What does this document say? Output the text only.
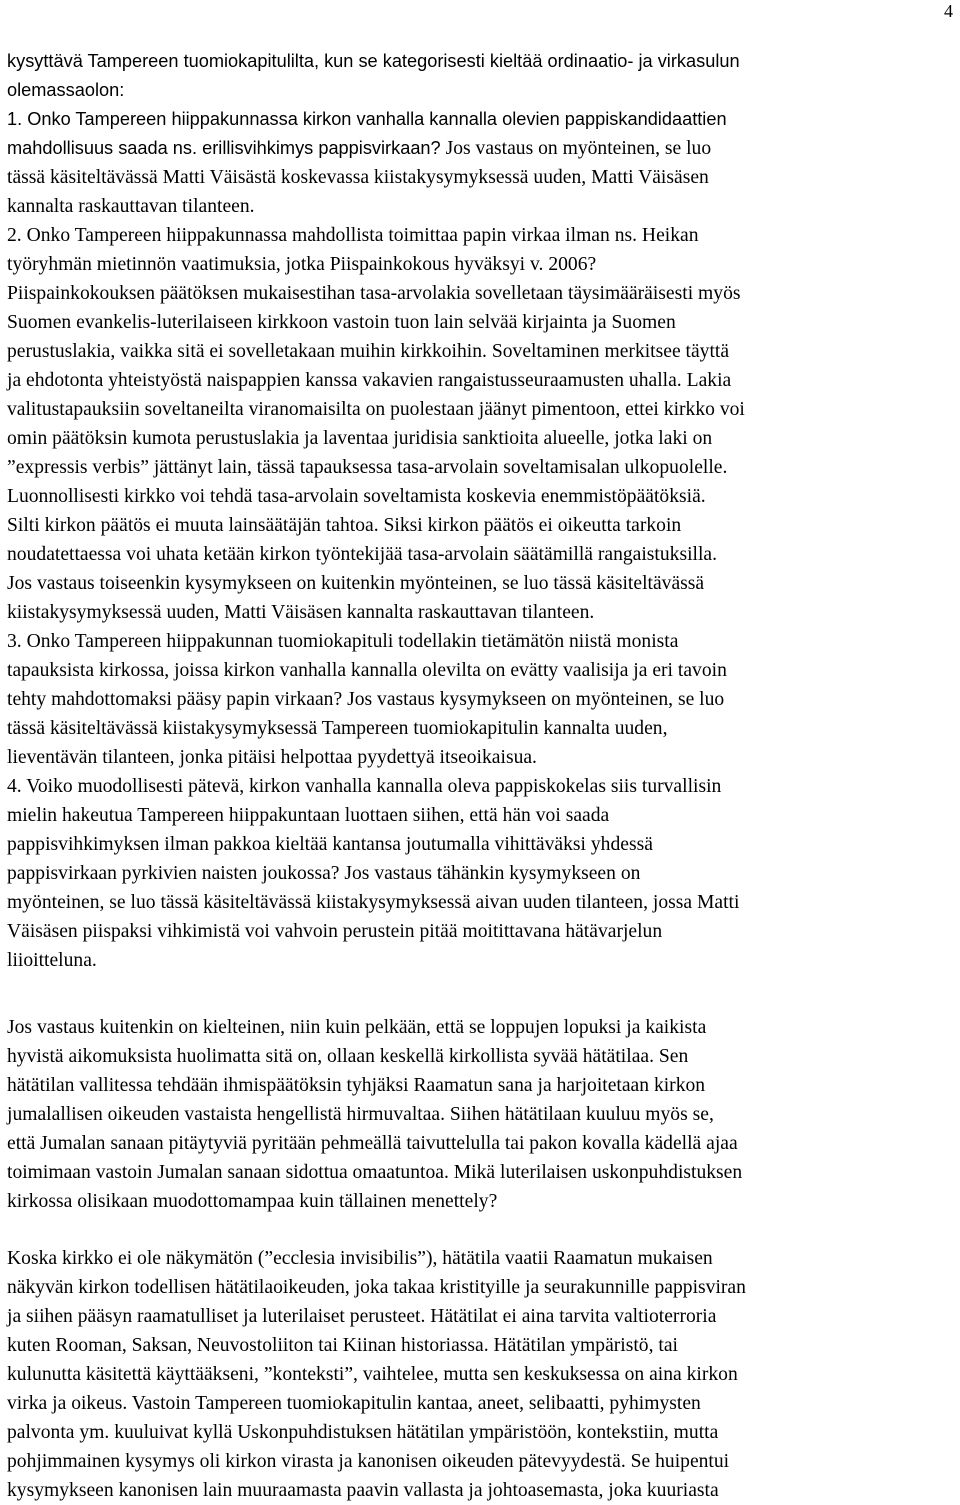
4
kysyttävä Tampereen tuomiokapitulilta, kun se kategorisesti kieltää ordinaatio- ja virkasulun
olemassaolon:
1. Onko Tampereen hiippakunnassa kirkon vanhalla kannalla olevien pappiskandidaattien
mahdollisuus saada ns. erillisvihkimys pappisvirkaan? Jos vastaus on myönteinen, se luo
tässä käsiteltävässä Matti Väisästä koskevassa kiistakysymyksessä uuden, Matti Väisäsen
kannalta raskauttavan tilanteen.
2. Onko Tampereen hiippakunnassa mahdollista toimittaa papin virkaa ilman ns. Heikan
työryhmän mietinnön vaatimuksia, jotka Piispainkokous hyväksyi v. 2006?
Piispainkokouksen päätöksen mukaisestihan tasa-arvolakia sovelletaan täysimääräisesti myös
Suomen evankelis-luterilaiseen kirkkoon vastoin tuon lain selvää kirjainta ja Suomen
perustuslakia, vaikka sitä ei sovelletakaan muihin kirkkoihin. Soveltaminen merkitsee täyttä
ja ehdotonta yhteistyöstä naispappien kanssa vakavien rangaistusseuraamusten uhalla. Lakia
valitustapauksiin soveltaneilta viranomaisilta on puolestaan jäänyt pimentoon, ettei kirkko voi
omin päätöksin kumota perustuslakia ja laventaa juridisia sanktioita alueelle, jotka laki on
”expressis verbis” jättänyt lain, tässä tapauksessa tasa-arvolain soveltamisalan ulkopuolelle.
Luonnollisesti kirkko voi tehdä tasa-arvolain soveltamista koskevia enemmistöpäätöksiä.
Silti kirkon päätös ei muuta lainsäätäjän tahtoa. Siksi kirkon päätös ei oikeutta tarkoin
noudatettaessa voi uhata ketään kirkon työntekijää tasa-arvolain säätämillä rangaistuksilla.
Jos vastaus toiseenkin kysymykseen on kuitenkin myönteinen, se luo tässä käsiteltävässä
kiistakysymyksessä uuden, Matti Väisäsen kannalta raskauttavan tilanteen.
3. Onko Tampereen hiippakunnan tuomiokapituli todellakin tietämätön niistä monista
tapauksista kirkossa, joissa kirkon vanhalla kannalla olevilta on evätty vaalisija ja eri tavoin
tehty mahdottomaksi pääsy papin virkaan? Jos vastaus kysymykseen on myönteinen, se luo
tässä käsiteltävässä kiistakysymyksessä Tampereen tuomiokapitulin kannalta uuden,
lieventävän tilanteen, jonka pitäisi helpottaa pyydettyä itseoikaisua.
4. Voiko muodollisesti pätevä, kirkon vanhalla kannalla oleva pappiskokelas siis turvallisin
mielin hakeutua Tampereen hiippakuntaan luottaen siihen, että hän voi saada
pappisvihkimyksen ilman pakkoa kieltää kantansa joutumalla vihittäväksi yhdessä
pappisvirkaan pyrkivien naisten joukossa? Jos vastaus tähänkin kysymykseen on
myönteinen, se luo tässä käsiteltävässä kiistakysymyksessä aivan uuden tilanteen, jossa Matti
Väisäsen piispaksi vihkimistä voi vahvoin perustein pitää moitittavana hätävarjelun
liioitteluna.
Jos vastaus kuitenkin on kielteinen, niin kuin pelkään, että se loppujen lopuksi ja kaikista
hyvistä aikomuksista huolimatta sitä on, ollaan keskellä kirkollista syvää hätätilaa. Sen
hätätilan vallitessa tehdään ihmispäätöksin tyhjäksi Raamatun sana ja harjoitetaan kirkon
jumalallisen oikeuden vastaista hengellistä hirmuvaltaa. Siihen hätätilaan kuuluu myös se,
että Jumalan sanaan pitäytyviä pyritään pehmeällä taivuttelulla tai pakon kovalla kädellä ajaa
toimimaan vastoin Jumalan sanaan sidottua omaatuntoa. Mikä luterilaisen uskonpuhdistuksen
kirkossa olisikaan muodottomampaa kuin tällainen menettely?
Koska kirkko ei ole näkymätön (”ecclesia invisibilis”), hätätila vaatii Raamatun mukaisen
näkyvän kirkon todellisen hätätilaoikeuden, joka takaa kristityille ja seurakunnille pappisviran
ja siihen pääsyn raamatulliset ja luterilaiset perusteet. Hätätilat ei aina tarvita valtioterroria
kuten Rooman, Saksan, Neuvostoliiton tai Kiinan historiassa. Hätätilan ympäristö, tai
kulunutta käsitettä käyttääkseni, ”konteksti”, vaihtelee, mutta sen keskuksessa on aina kirkon
virka ja oikeus. Vastoin Tampereen tuomiokapitulin kantaa, aneet, selibaatti, pyhimysten
palvonta ym. kuuluivat kyllä Uskonpuhdistuksen hätätilan ympäristöön, kontekstiin, mutta
pohjimmainen kysymys oli kirkon virasta ja kanonisen oikeuden pätevyydestä. Se huipentui
kysymykseen kanonisen lain muuraamasta paavin vallasta ja johtoasemasta, joka kuuriasta
